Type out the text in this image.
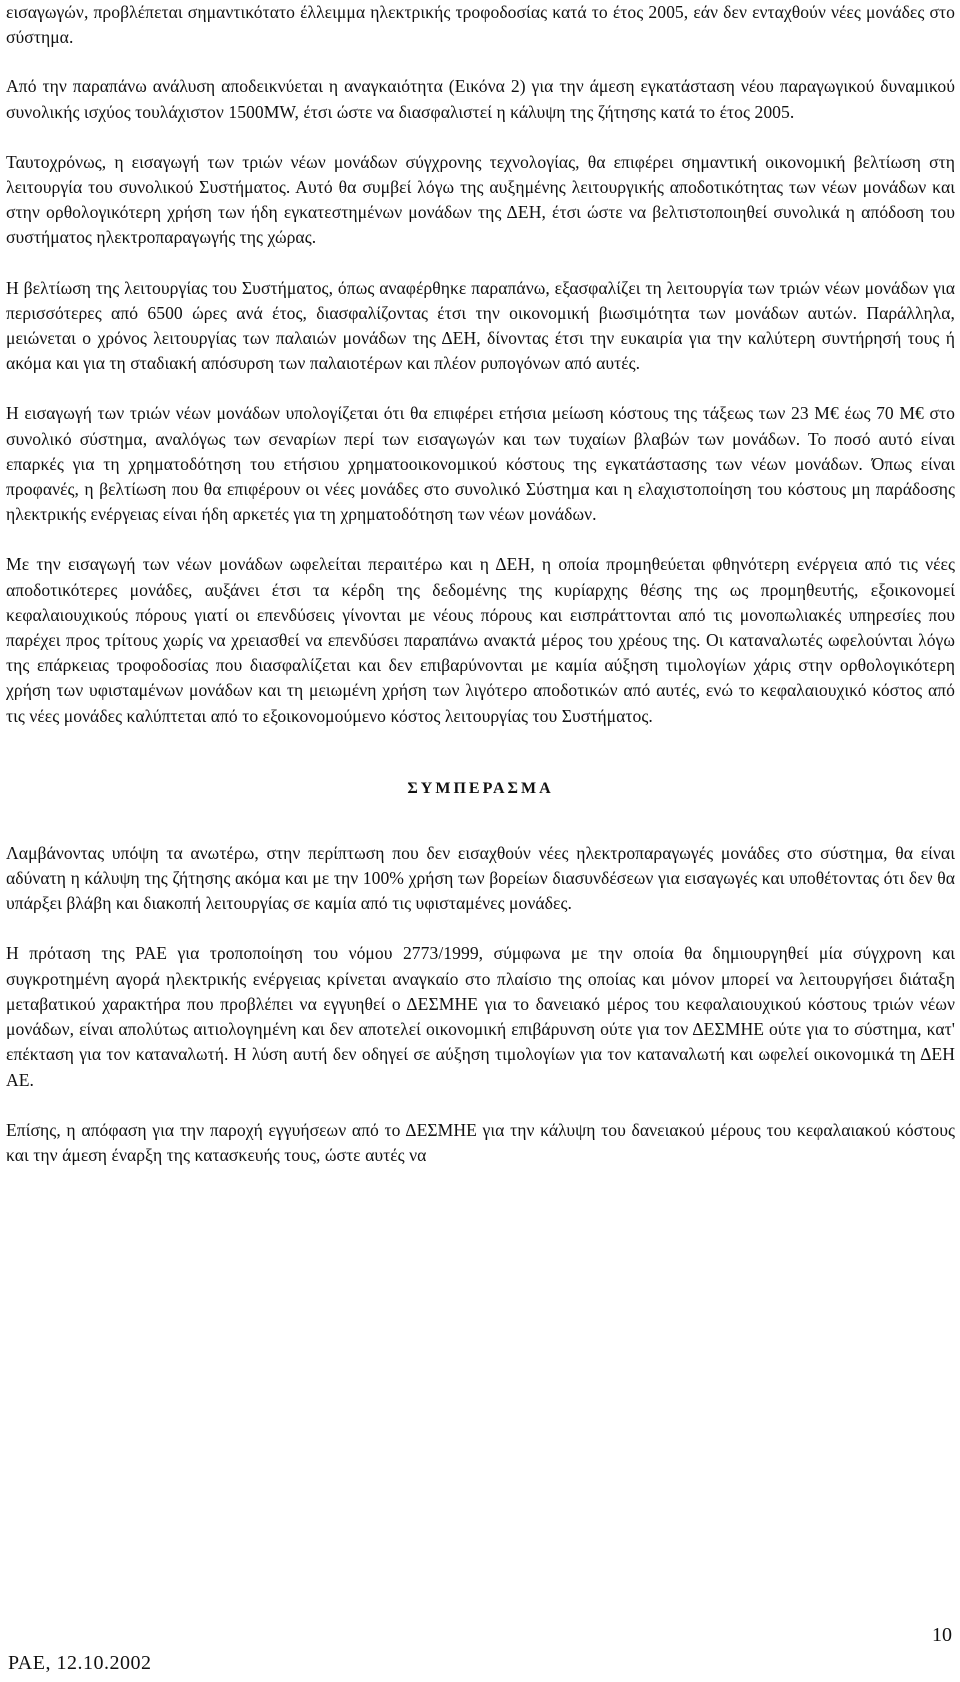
εισαγωγών, προβλέπεται σημαντικότατο έλλειμμα ηλεκτρικής τροφοδοσίας κατά το έτος 2005, εάν δεν ενταχθούν νέες μονάδες στο σύστημα.

Από την παραπάνω ανάλυση αποδεικνύεται η αναγκαιότητα (Εικόνα 2) για την άμεση εγκατάσταση νέου παραγωγικού δυναμικού συνολικής ισχύος τουλάχιστον 1500MW, έτσι ώστε να διασφαλιστεί η κάλυψη της ζήτησης κατά το έτος 2005.

Ταυτοχρόνως, η εισαγωγή των τριών νέων μονάδων σύγχρονης τεχνολογίας, θα επιφέρει σημαντική οικονομική βελτίωση στη λειτουργία του συνολικού Συστήματος. Αυτό θα συμβεί λόγω της αυξημένης λειτουργικής αποδοτικότητας των νέων μονάδων και στην ορθολογικότερη χρήση των ήδη εγκατεστημένων μονάδων της ΔΕΗ, έτσι ώστε να βελτιστοποιηθεί συνολικά η απόδοση του συστήματος ηλεκτροπαραγωγής της χώρας.

Η βελτίωση της λειτουργίας του Συστήματος, όπως αναφέρθηκε παραπάνω, εξασφαλίζει τη λειτουργία των τριών νέων μονάδων για περισσότερες από 6500 ώρες ανά έτος, διασφαλίζοντας έτσι την οικονομική βιωσιμότητα των μονάδων αυτών. Παράλληλα, μειώνεται ο χρόνος λειτουργίας των παλαιών μονάδων της ΔΕΗ, δίνοντας έτσι την ευκαιρία για την καλύτερη συντήρησή τους ή ακόμα και για τη σταδιακή απόσυρση των παλαιοτέρων και πλέον ρυπογόνων από αυτές.

Η εισαγωγή των τριών νέων μονάδων υπολογίζεται ότι θα επιφέρει ετήσια μείωση κόστους της τάξεως των 23 Μ€ έως 70 Μ€ στο συνολικό σύστημα, αναλόγως των σεναρίων περί των εισαγωγών και των τυχαίων βλαβών των μονάδων. Το ποσό αυτό είναι επαρκές για τη χρηματοδότηση του ετήσιου χρηματοοικονομικού κόστους της εγκατάστασης των νέων μονάδων. Όπως είναι προφανές, η βελτίωση που θα επιφέρουν οι νέες μονάδες στο συνολικό Σύστημα και η ελαχιστοποίηση του κόστους μη παράδοσης ηλεκτρικής ενέργειας είναι ήδη αρκετές για τη χρηματοδότηση των νέων μονάδων.

Με την εισαγωγή των νέων μονάδων ωφελείται περαιτέρω και η ΔΕΗ, η οποία προμηθεύεται φθηνότερη ενέργεια από τις νέες αποδοτικότερες μονάδες, αυξάνει έτσι τα κέρδη της δεδομένης της κυρίαρχης θέσης της ως προμηθευτής, εξοικονομεί κεφαλαιουχικούς πόρους γιατί οι επενδύσεις γίνονται με νέους πόρους και εισπράττονται από τις μονοπωλιακές υπηρεσίες που παρέχει προς τρίτους χωρίς να χρειασθεί να επενδύσει παραπάνω ανακτά μέρος του χρέους της. Οι καταναλωτές ωφελούνται λόγω της επάρκειας τροφοδοσίας που διασφαλίζεται και δεν επιβαρύνονται με καμία αύξηση τιμολογίων χάρις στην ορθολογικότερη χρήση των υφισταμένων μονάδων και τη μειωμένη χρήση των λιγότερο αποδοτικών από αυτές, ενώ το κεφαλαιουχικό κόστος από τις νέες μονάδες καλύπτεται από το εξοικονομούμενο κόστος λειτουργίας του Συστήματος.

ΣΥΜΠΕΡΑΣΜΑ

Λαμβάνοντας υπόψη τα ανωτέρω, στην περίπτωση που δεν εισαχθούν νέες ηλεκτροπαραγωγές μονάδες στο σύστημα, θα είναι αδύνατη η κάλυψη της ζήτησης ακόμα και με την 100% χρήση των βορείων διασυνδέσεων για εισαγωγές και υποθέτοντας ότι δεν θα υπάρξει βλάβη και διακοπή λειτουργίας σε καμία από τις υφισταμένες μονάδες.

Η πρόταση της ΡΑΕ για τροποποίηση του νόμου 2773/1999, σύμφωνα με την οποία θα δημιουργηθεί μία σύγχρονη και συγκροτημένη αγορά ηλεκτρικής ενέργειας κρίνεται αναγκαίο στο πλαίσιο της οποίας και μόνον μπορεί να λειτουργήσει διάταξη μεταβατικού χαρακτήρα που προβλέπει να εγγυηθεί ο ΔΕΣΜΗΕ για το δανειακό μέρος του κεφαλαιουχικού κόστους τριών νέων μονάδων, είναι απολύτως αιτιολογημένη και δεν αποτελεί οικονομική επιβάρυνση ούτε για τον ΔΕΣΜΗΕ ούτε για το σύστημα, κατ' επέκταση για τον καταναλωτή. Η λύση αυτή δεν οδηγεί σε αύξηση τιμολογίων για τον καταναλωτή και ωφελεί οικονομικά τη ΔΕΗ ΑΕ.

Επίσης, η απόφαση για την παροχή εγγυήσεων από το ΔΕΣΜΗΕ για την κάλυψη του δανειακού μέρους του κεφαλαιακού κόστους και την άμεση έναρξη της κατασκευής τους, ώστε αυτές να

ΡΑΕ, 12.10.2002
10
